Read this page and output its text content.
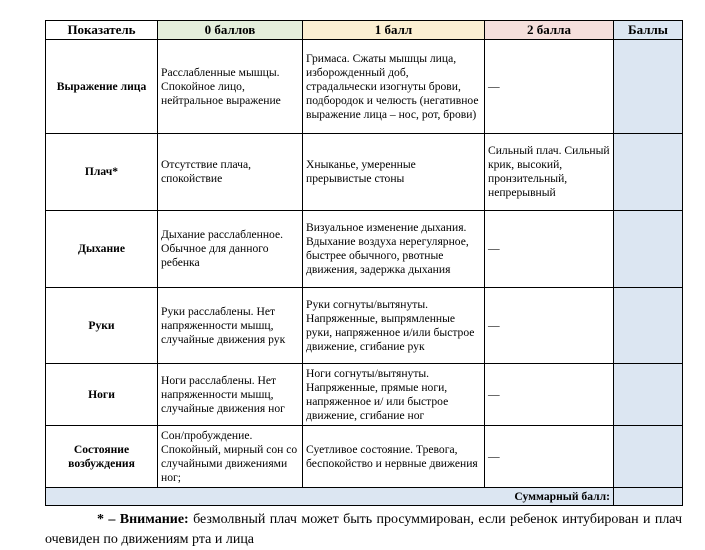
Показатель	0 баллов	1 балл	2 балла	Баллы
Выражение лица	Расслабленные мышцы. Спокойное лицо, нейтральное выражение	Гримаса. Сжаты мышцы лица, изборожденный доб, страдальчески изогнуты брови, подбородок и челюсть (негативное выражение лица – нос, рот, брови)	—	
Плач*	Отсутствие плача, спокойствие	Хныканье, умеренные прерывистые стоны	Сильный плач. Сильный крик, высокий, пронзительный, непрерывный	
Дыхание	Дыхание расслабленное. Обычное для данного ребенка	Визуальное изменение дыхания. Вдыхание воздуха нерегулярное, быстрее обычного, рвотные движения, задержка дыхания	—	
Руки	Руки расслаблены. Нет напряженности мышц, случайные движения рук	Руки согнуты/вытянуты. Напряженные, выпрямленные руки, напряженное и/или быстрое движение, сгибание рук	—	
Ноги	Ноги расслаблены. Нет напряженности мышц, случайные движения ног	Ноги согнуты/вытянуты. Напряженные, прямые ноги, напряженное и/ или быстрое движение, сгибание ног	—	
Состояние возбуждения	Сон/пробуждение. Спокойный, мирный сон со случайными движениями ног;	Суетливое состояние. Тревога, беспокойство и нервные движения	—	
Суммарный балл:				
* – Внимание: безмолвный плач может быть просуммирован, если ребенок интубирован и плач очевиден по движениям рта и лица
